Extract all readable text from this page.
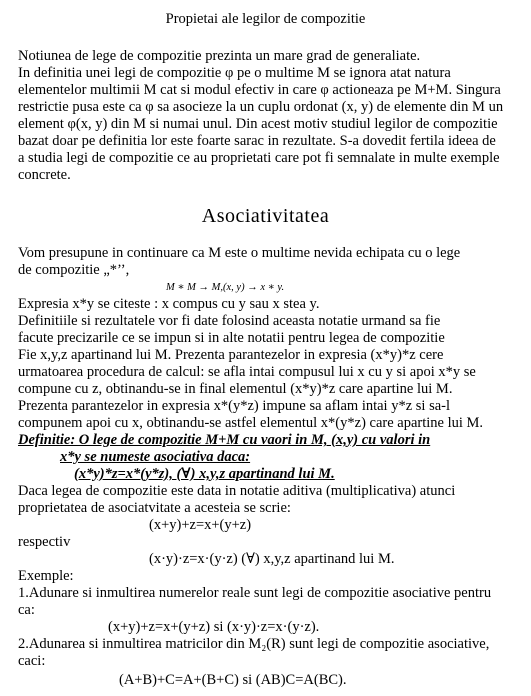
Propietai ale legilor de compozitie
Notiunea de lege de compozitie prezinta un mare grad de generaliate.
In definitia unei legi de compozitie φ pe o multime M se ignora atat natura
elementelor multimii M cat si modul efectiv in care φ actioneaza pe M+M. Singura
restrictie pusa este ca φ sa asocieze la un cuplu ordonat (x, y) de elemente din M un
element φ(x, y) din M si numai unul. Din acest motiv studiul legilor de compozitie
bazat doar pe definitia lor este foarte sarac in rezultate. S-a dovedit fertila ideea de
a studia legi de compozitie ce au proprietati care pot fi semnalate in multe exemple
concrete.
Asociativitatea
Vom presupune in continuare ca M este o multime nevida echipata cu o lege
de compozitie „*’’,
M ∗ M → M,(x, y) → x ∗ y.
Expresia x*y se citeste : x compus cu y sau x stea y.
Definitiile si rezultatele vor fi date folosind aceasta notatie urmand sa fie
facute precizarile ce se impun si in alte notatii pentru legea de compozitie
Fie x,y,z apartinand lui M. Prezenta parantezelor in expresia (x*y)*z cere
urmatoarea procedura de calcul: se afla intai compusul lui x cu y si apoi x*y se
compune cu z, obtinandu-se in final elementul (x*y)*z care apartine lui M.
Prezenta parantezelor in expresia x*(y*z) impune sa aflam intai y*z si sa-l
compunem apoi cu x, obtinandu-se astfel elementul x*(y*z) care apartine lui M.
Definitie: O lege de compozitie M+M cu vaori in M, (x,y) cu valori in
x*y se numeste asociativa daca:
(x*y)*z=x*(y*z), (∀) x,y,z apartinand lui M.
Daca legea de compozitie este data in notatie aditiva (multiplicativa) atunci
proprietatea de asociatvitate a acesteia se scrie:
(x+y)+z=x+(y+z)
respectiv
(x·y)·z=x·(y·z) (∀) x,y,z apartinand lui M.
Exemple:
1.Adunare si inmultirea numerelor reale sunt legi de compozitie asociative pentru
ca:
(x+y)+z=x+(y+z) si (x·y)·z=x·(y·z).
2.Adunarea si inmultirea matricilor din M₂(R) sunt legi de compozitie asociative,
caci:
(A+B)+C=A+(B+C) si (AB)C=A(BC).
